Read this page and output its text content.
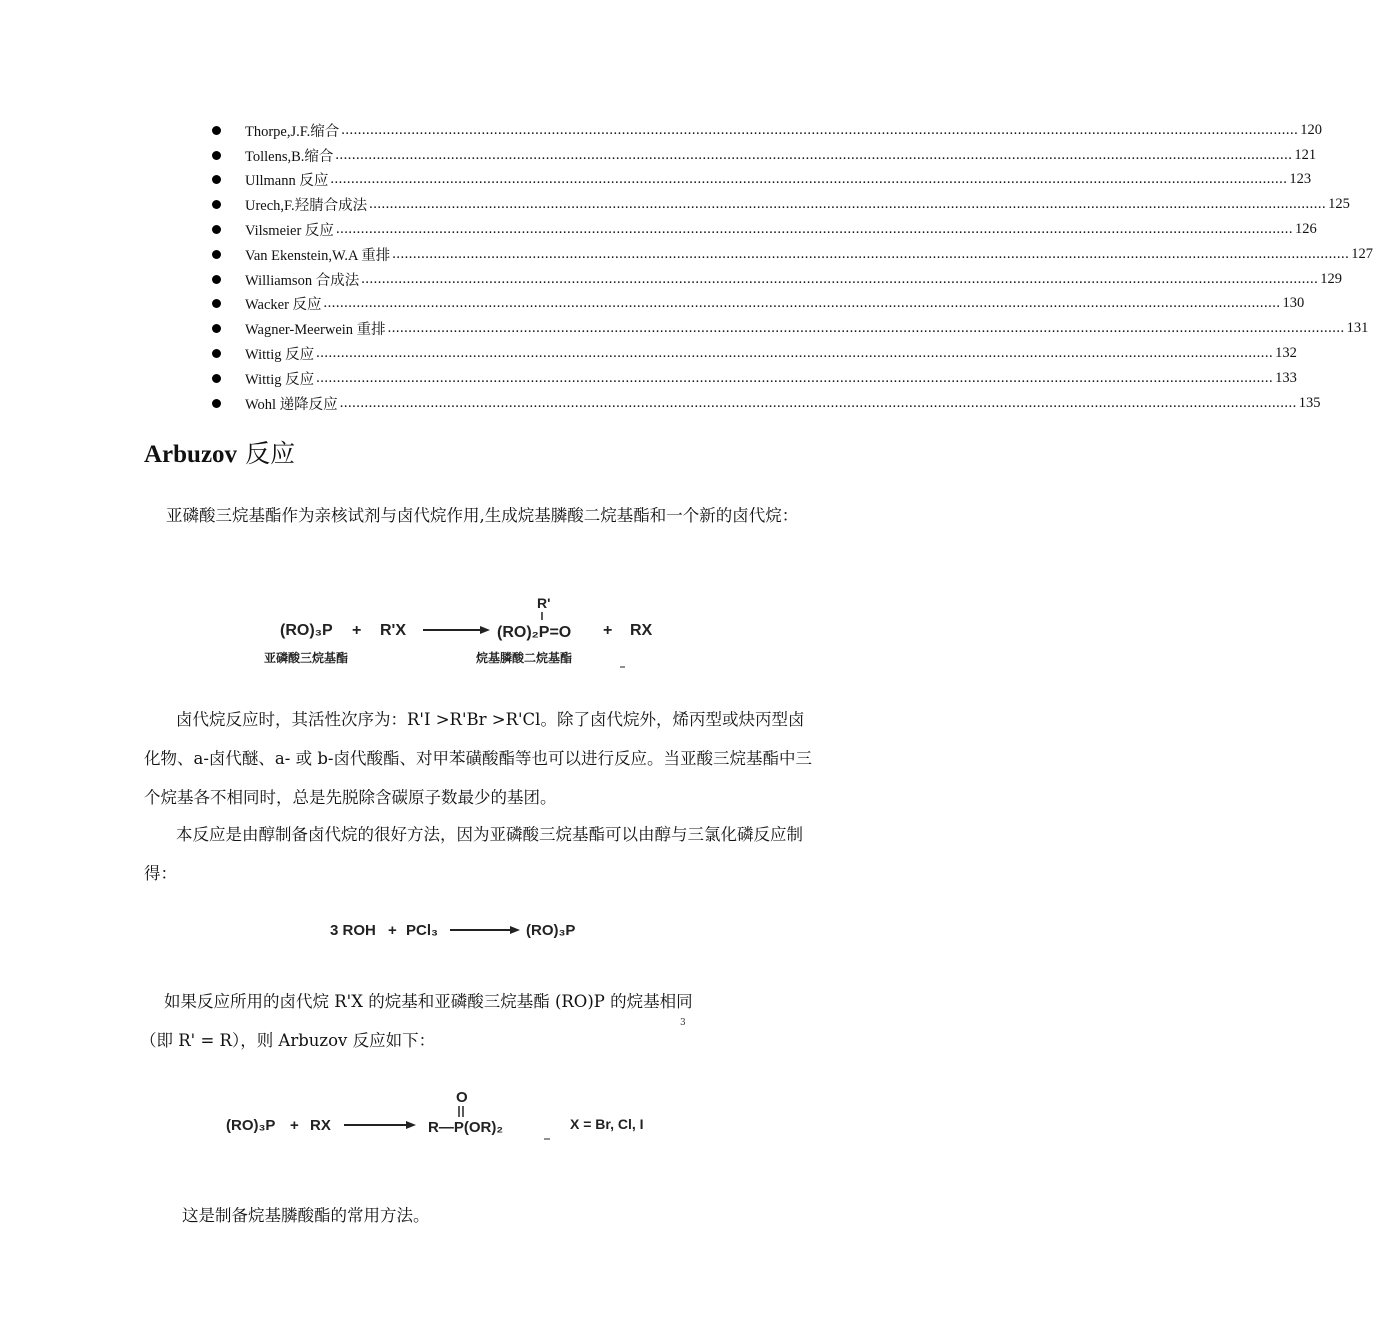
Thorpe,J.F.缩合 .....	120
Tollens,B.缩合 .....	121
Ullmann 反应 .....	123
Urech,F.羟腈合成法 .....	125
Vilsmeier 反应 .....	126
Van Ekenstein,W.A 重排 .....	127
Williamson 合成法 .....	129
Wacker 反应 .....	130
Wagner-Meerwein 重排 .....	131
Wittig 反应 .....	132
Wittig 反应 .....	133
Wohl 递降反应 .....	135
Arbuzov 反应
亚磷酸三烷基酯作为亲核试剂与卤代烷作用,生成烷基膦酸二烷基酯和一个新的卤代烷：
(RO)₃P + R'X
R'
(RO)₂P=O + RX
亚磷酸三烷基酯	烷基膦酸二烷基酯
卤代烷反应时，其活性次序为：R'I >R'Br >R'Cl。除了卤代烷外，烯丙型或炔丙型卤化物、a-卤代醚、a- 或 b-卤代酸酯、对甲苯磺酸酯等也可以进行反应。当亚酸三烷基酯中三个烷基各不相同时，总是先脱除含碳原子数最少的基团。
本反应是由醇制备卤代烷的很好方法，因为亚磷酸三烷基酯可以由醇与三氯化磷反应制得：
3 ROH + PCl₃	(RO)₃P
如果反应所用的卤代烷 R'X 的烷基和亚磷酸三烷基酯 (RO)P 的烷基相同
3
（即 R' = R），则 Arbuzov 反应如下：
(RO)₃P + RX
O
R—P(OR)₂	X = Br, Cl, I
这是制备烷基膦酸酯的常用方法。
